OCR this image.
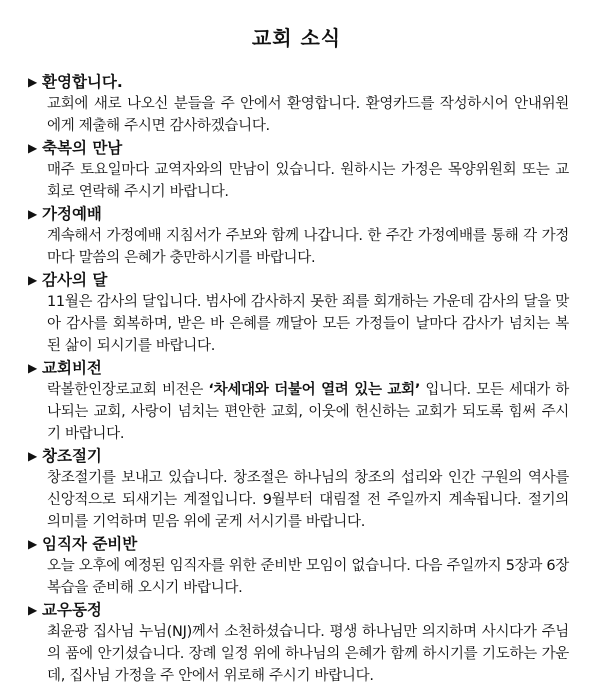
교회 소식
▶ 환영합니다.
교회에 새로 나오신 분들을 주 안에서 환영합니다. 환영카드를 작성하시어 안내위원에게 제출해 주시면 감사하겠습니다.
▶ 축복의 만남
매주 토요일마다 교역자와의 만남이 있습니다. 원하시는 가정은 목양위원회 또는 교회로 연락해 주시기 바랍니다.
▶ 가정예배
계속해서 가정예배 지침서가 주보와 함께 나갑니다. 한 주간 가정예배를 통해 각 가정마다 말씀의 은혜가 충만하시기를 바랍니다.
▶ 감사의 달
11월은 감사의 달입니다. 범사에 감사하지 못한 죄를 회개하는 가운데 감사의 달을 맞아 감사를 회복하며, 받은 바 은혜를 깨달아 모든 가정들이 날마다 감사가 넘치는 복된 삶이 되시기를 바랍니다.
▶ 교회비전
락볼한인장로교회 비전은 ‘차세대와 더불어 열려 있는 교회’ 입니다. 모든 세대가 하나되는 교회, 사랑이 넘치는 편안한 교회, 이웃에 헌신하는 교회가 되도록 힘써 주시기 바랍니다.
▶ 창조절기
창조절기를 보내고 있습니다. 창조절은 하나님의 창조의 섭리와 인간 구원의 역사를 신앙적으로 되새기는 계절입니다. 9월부터 대림절 전 주일까지 계속됩니다. 절기의 의미를 기억하며 믿음 위에 굳게 서시기를 바랍니다.
▶ 임직자 준비반
오늘 오후에 예정된 임직자를 위한 준비반 모임이 없습니다. 다음 주일까지 5장과 6장 복습을 준비해 오시기 바랍니다.
▶ 교우동정
최윤광 집사님 누님(NJ)께서 소천하셨습니다. 평생 하나님만 의지하며 사시다가 주님의 품에 안기셨습니다. 장례 일정 위에 하나님의 은혜가 함께 하시기를 기도하는 가운데, 집사님 가정을 주 안에서 위로해 주시기 바랍니다.
